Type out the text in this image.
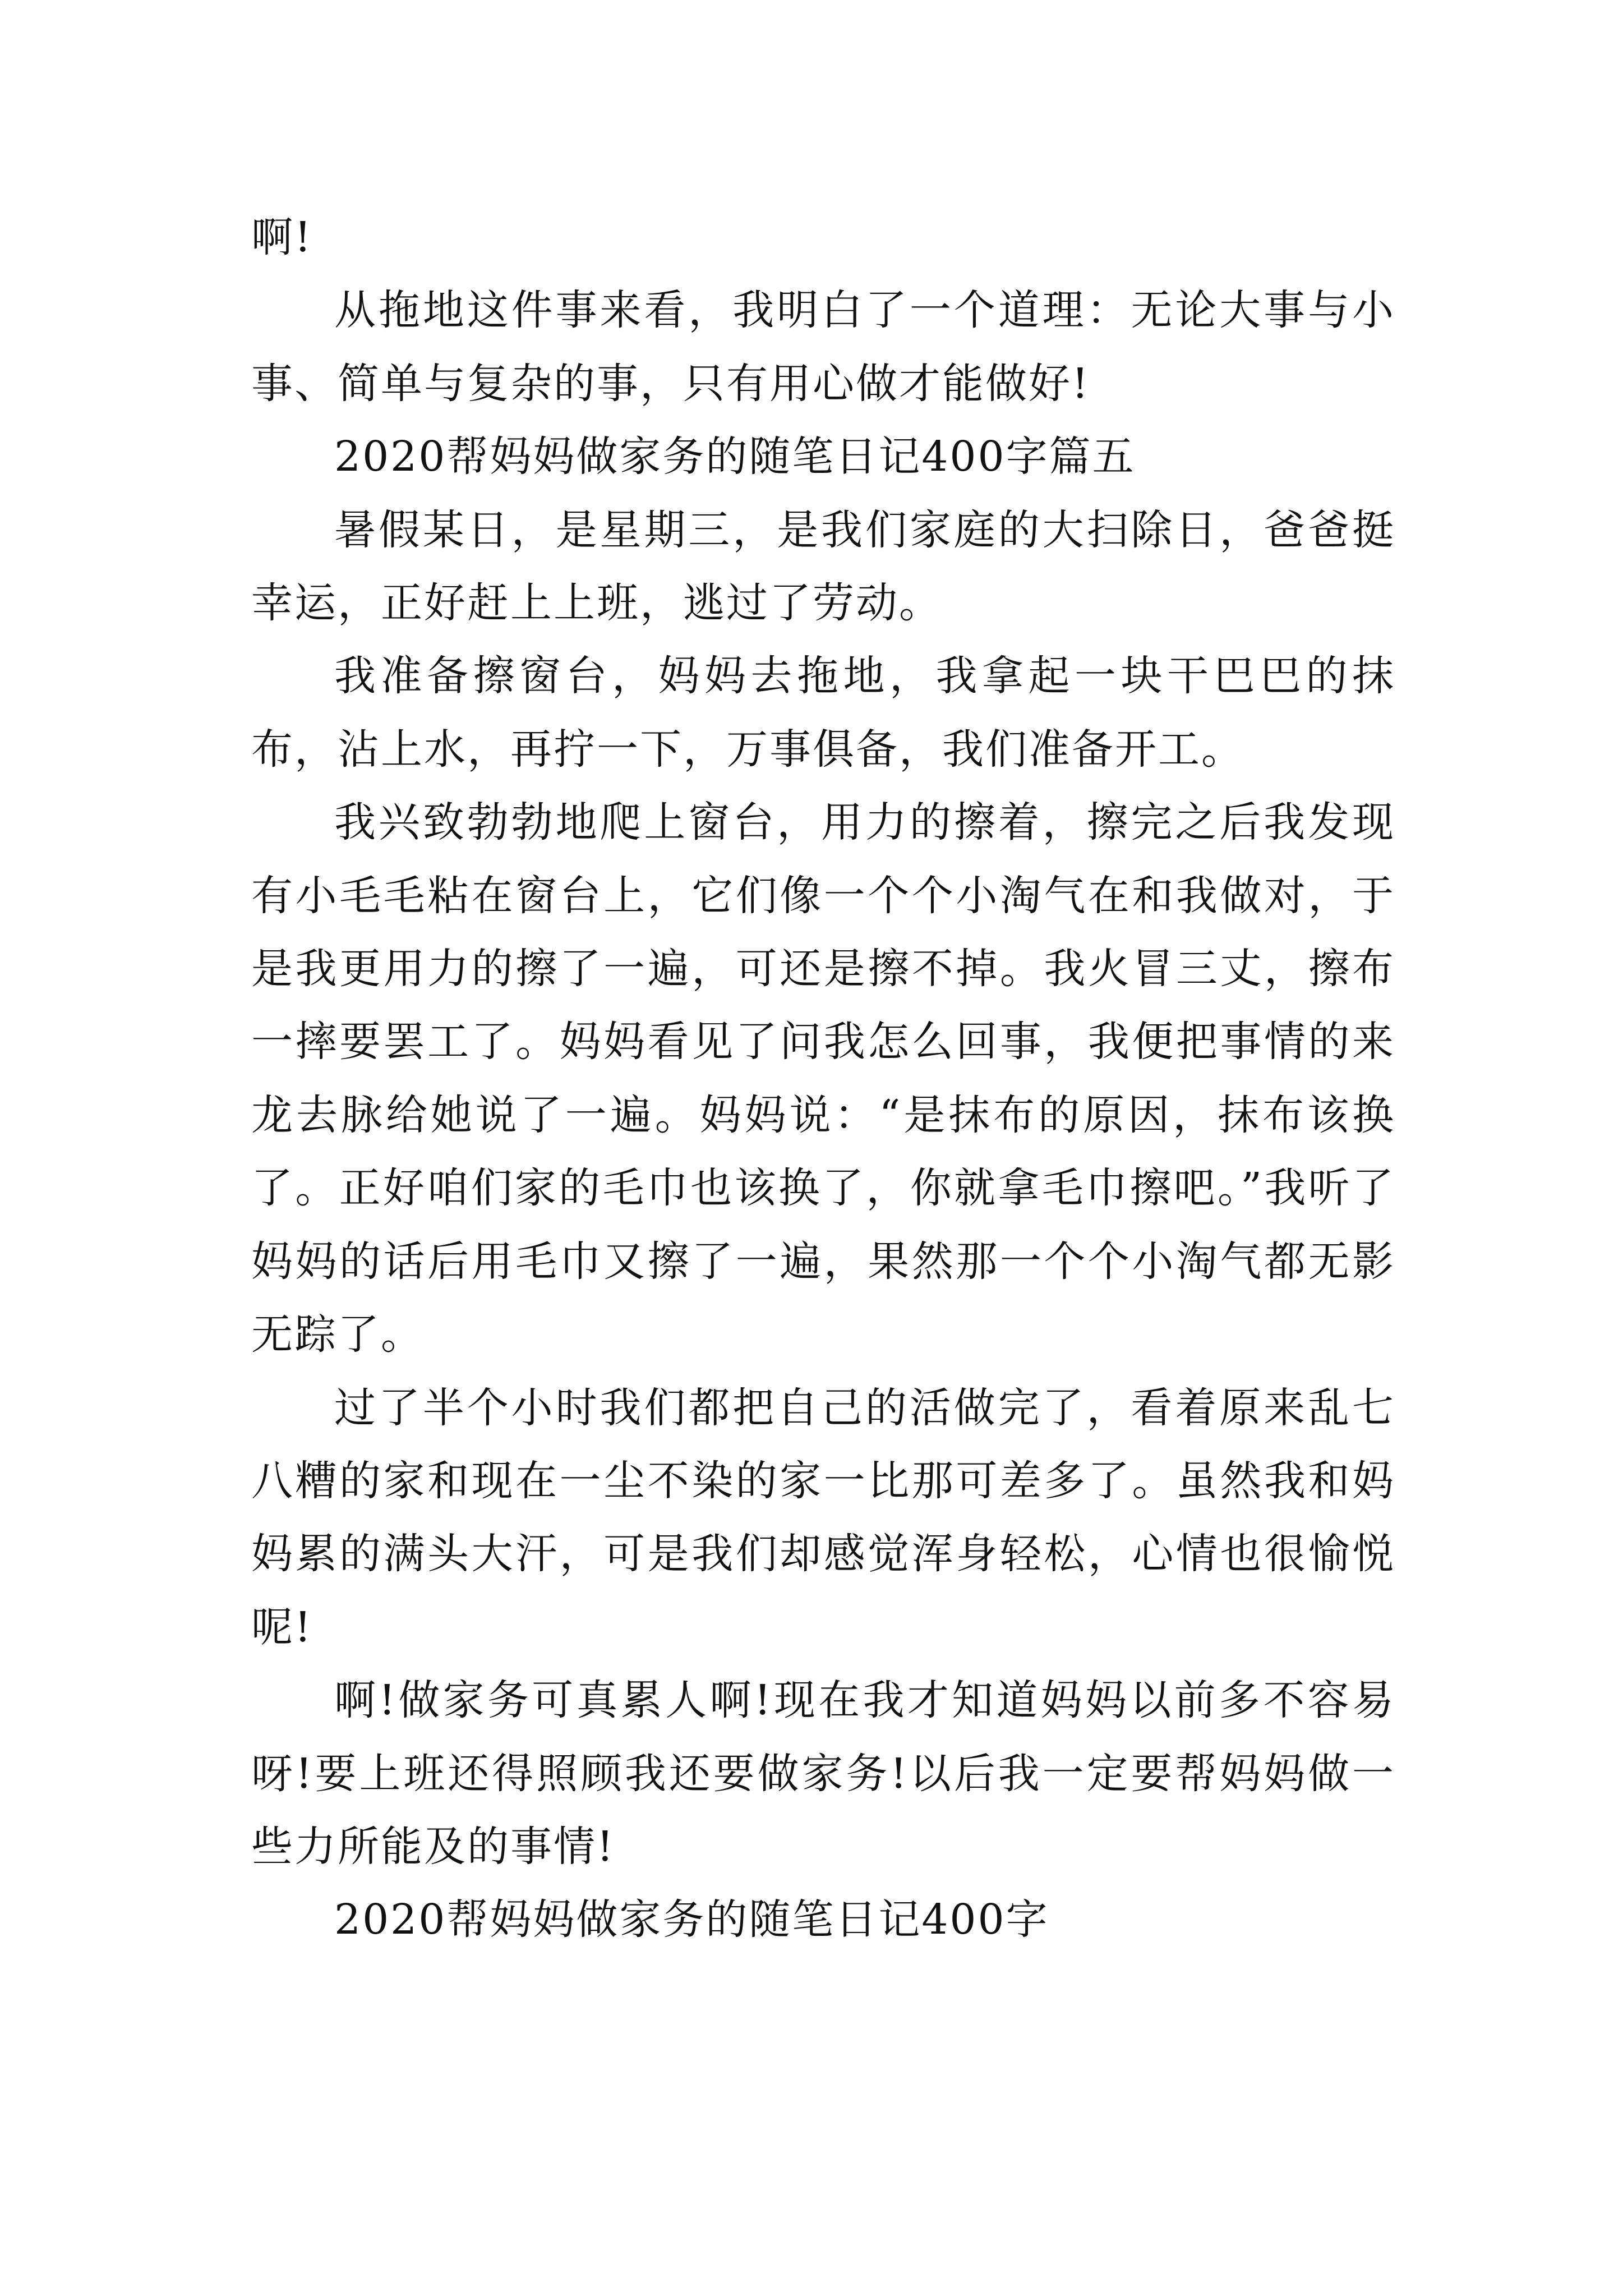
啊!

从拖地这件事来看，我明白了一个道理：无论大事与小事、简单与复杂的事，只有用心做才能做好!

2020帮妈妈做家务的随笔日记400字篇五

暑假某日，是星期三，是我们家庭的大扫除日，爸爸挺幸运，正好赶上上班，逃过了劳动。

我准备擦窗台，妈妈去拖地，我拿起一块干巴巴的抹布，沾上水，再拧一下，万事俱备，我们准备开工。

我兴致勃勃地爬上窗台，用力的擦着，擦完之后我发现有小毛毛粘在窗台上，它们像一个个小淘气在和我做对，于是我更用力的擦了一遍，可还是擦不掉。我火冒三丈，擦布一摔要罢工了。妈妈看见了问我怎么回事，我便把事情的来龙去脉给她说了一遍。妈妈说：“是抹布的原因，抹布该换了。正好咱们家的毛巾也该换了，你就拿毛巾擦吧。”我听了妈妈的话后用毛巾又擦了一遍，果然那一个个小淘气都无影无踪了。

过了半个小时我们都把自己的活做完了，看着原来乱七八糟的家和现在一尘不染的家一比那可差多了。虽然我和妈妈累的满头大汗，可是我们却感觉浑身轻松，心情也很愉悦呢!

啊!做家务可真累人啊!现在我才知道妈妈以前多不容易呀!要上班还得照顾我还要做家务!以后我一定要帮妈妈做一些力所能及的事情!

2020帮妈妈做家务的随笔日记400字
